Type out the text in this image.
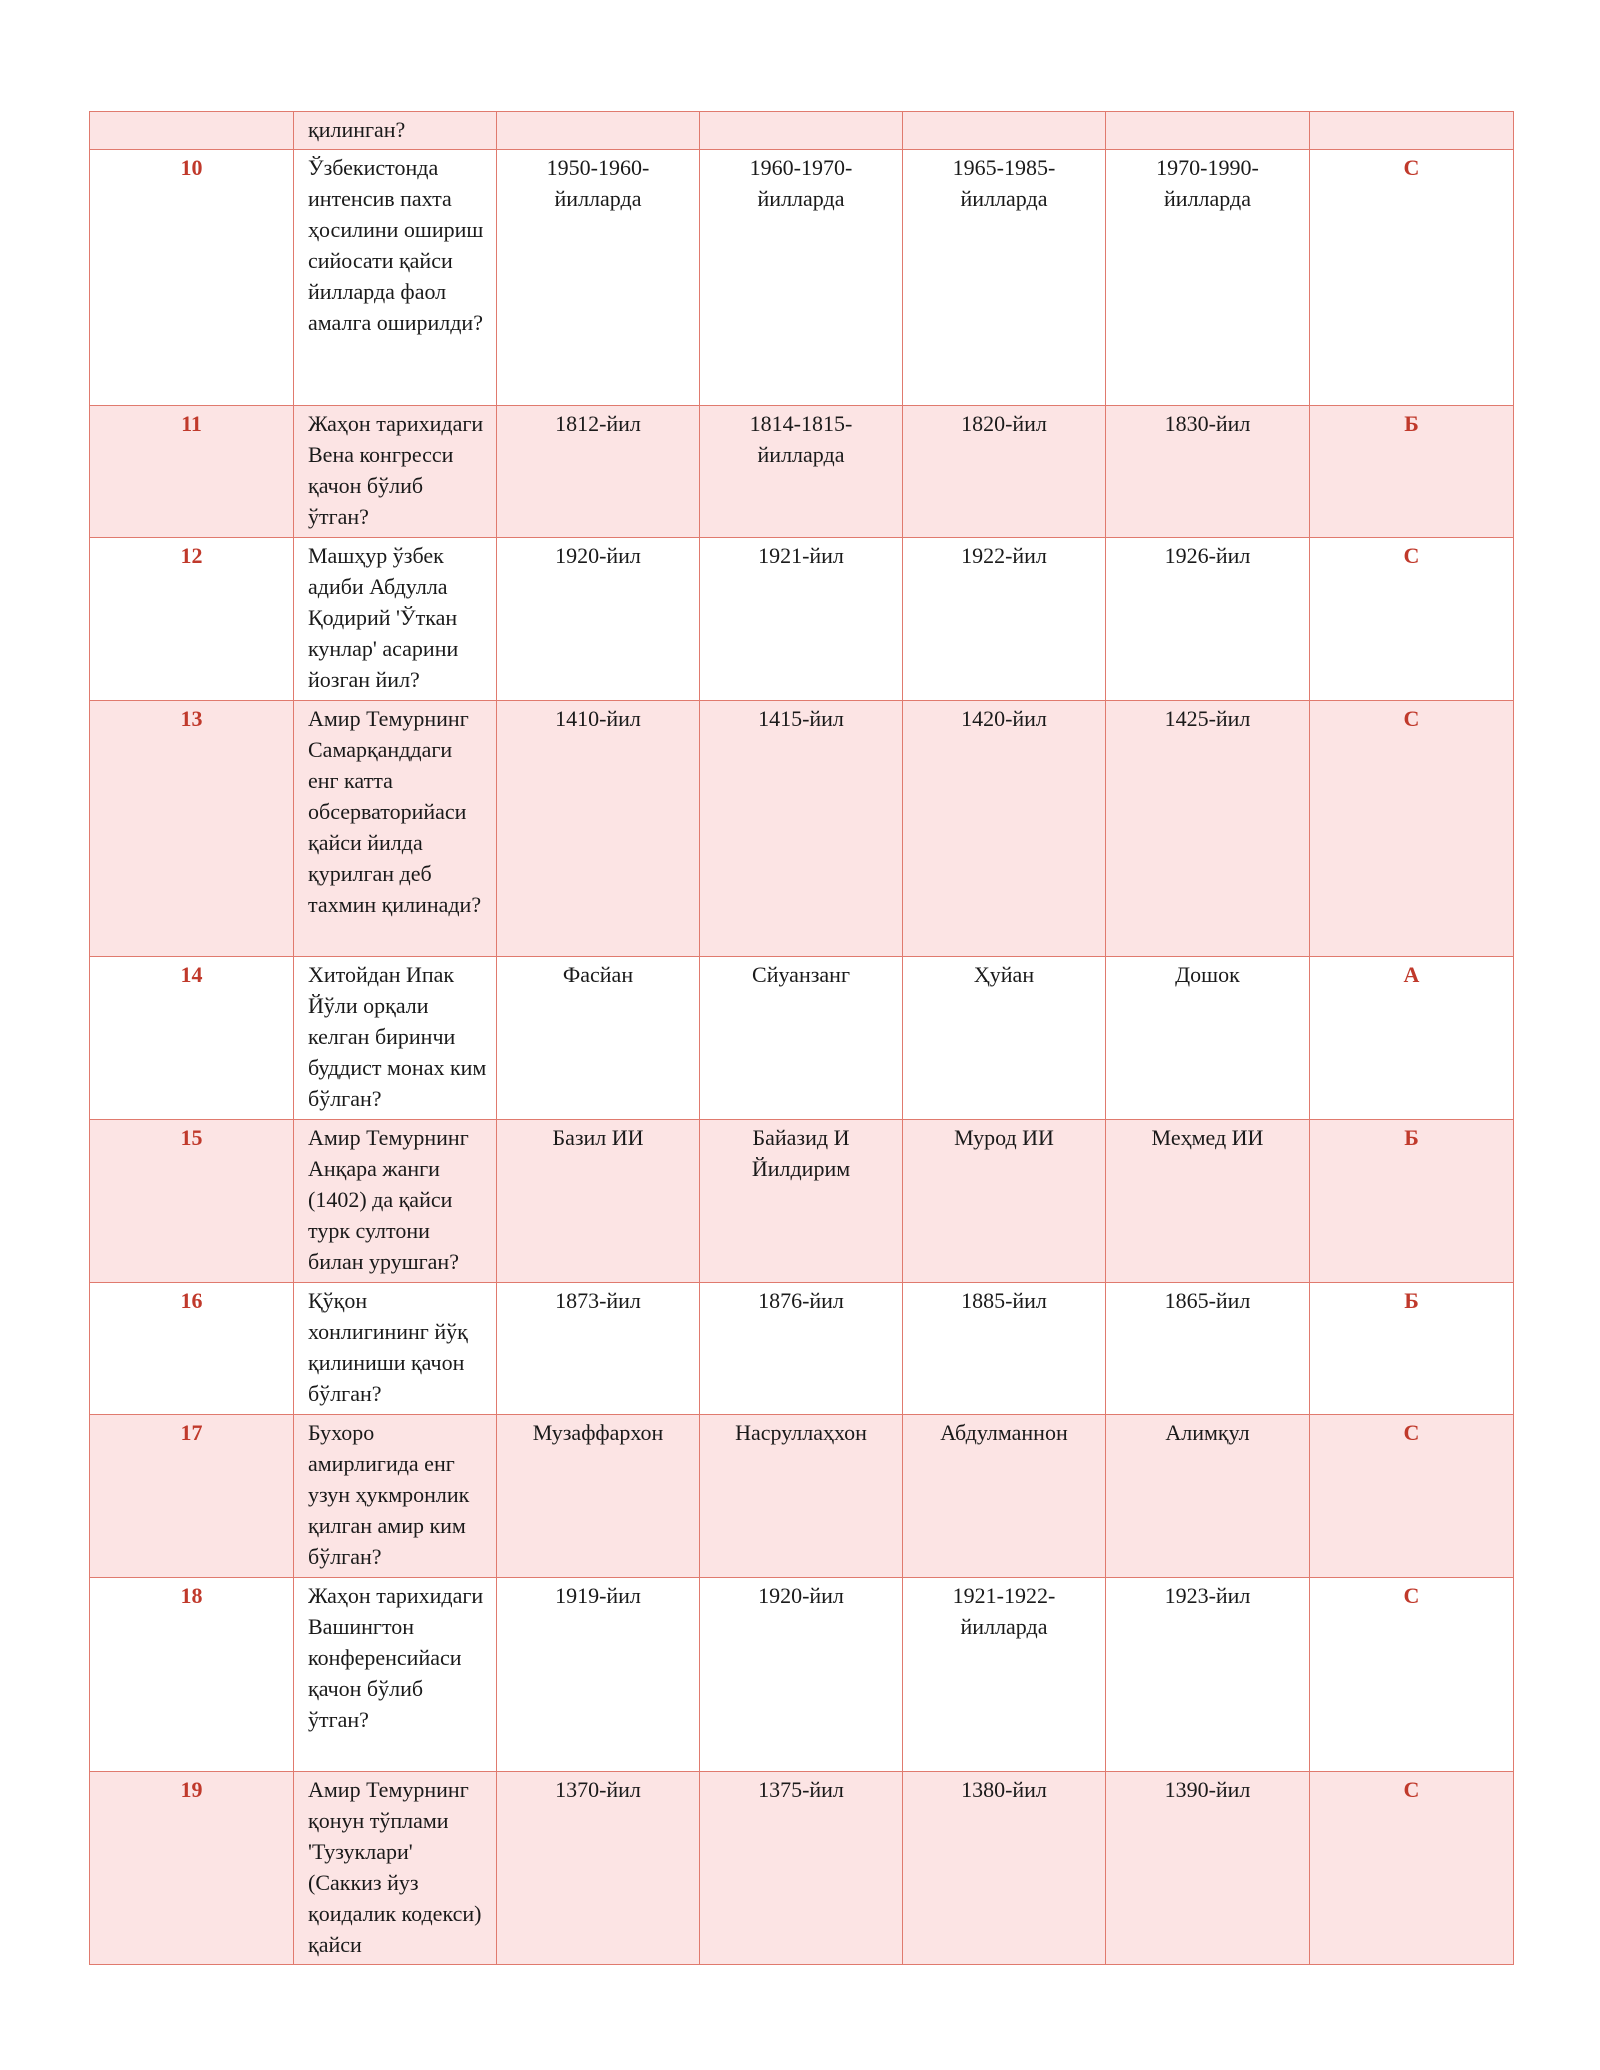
	қилинган?					
10	Ўзбекистонда интенсив пахта ҳосилини ошириш сийосати қайси йилларда фаол амалга оширилди?	1950-1960-йилларда	1960-1970-йилларда	1965-1985-йилларда	1970-1990-йилларда	C
11	Жаҳон тарихидаги Вена конгресси қачон бўлиб ўтган?	1812-йил	1814-1815-йилларда	1820-йил	1830-йил	Б
12	Машҳур ўзбек адиби Абдулла Қодирий 'Ўткан кунлар' асарини йозган йил?	1920-йил	1921-йил	1922-йил	1926-йил	C
13	Амир Темурнинг Самарқанддаги енг катта обсерваторийаси қайси йилда қурилган деб тахмин қилинади?	1410-йил	1415-йил	1420-йил	1425-йил	C
14	Хитойдан Ипак Йўли орқали келган биринчи буддист монах ким бўлган?	Фасйан	Сйуанзанг	Ҳуйан	Дошок	A
15	Амир Темурнинг Анқара жанги (1402) да қайси турк султони билан урушган?	Базил ИИ	Байазид И Йилдирим	Мурод ИИ	Меҳмед ИИ	Б
16	Қўқон хонлигининг йўқ қилиниши қачон бўлган?	1873-йил	1876-йил	1885-йил	1865-йил	Б
17	Бухоро амирлигида енг узун ҳукмронлик қилган амир ким бўлган?	Музаффархон	Насруллаҳхон	Абдулманнон	Алимқул	C
18	Жаҳон тарихидаги Вашингтон конференсийаси қачон бўлиб ўтган?	1919-йил	1920-йил	1921-1922-йилларда	1923-йил	C
19	Амир Темурнинг қонун тўплами 'Тузуклари' (Саккиз йуз қоидалик кодекси) қайси	1370-йил	1375-йил	1380-йил	1390-йил	C
